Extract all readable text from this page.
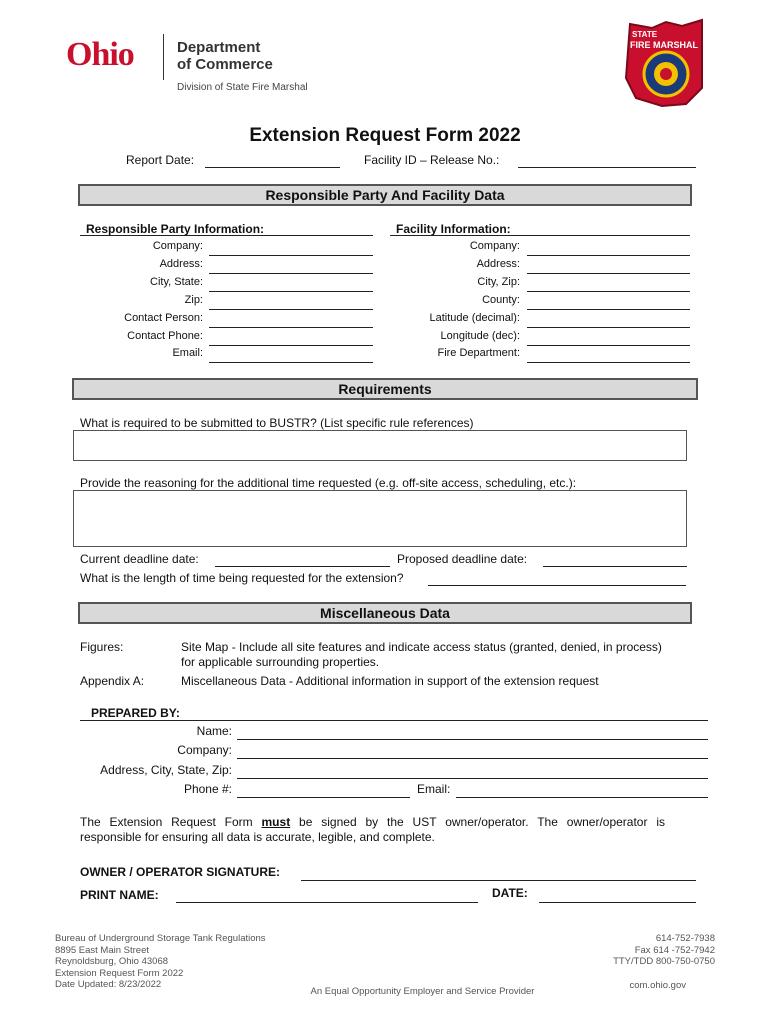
Ohio	Department
of Commerce
Division of State Fire Marshal
STATE
FIRE MARSHAL
Extension Request Form 2022
Report Date:	Facility ID – Release No.:
Responsible Party And Facility Data
Responsible Party Information:	Facility Information:
Company:
Address:
City, State:
Zip:
Contact Person:
Contact Phone:
Email:
Company:
Address:
City, Zip:
County:
Latitude (decimal):
Longitude (dec):
Fire Department:
Requirements
What is required to be submitted to BUSTR? (List specific rule references)
Provide the reasoning for the additional time requested (e.g. off-site access, scheduling, etc.):
Current deadline date:	Proposed deadline date:
What is the length of time being requested for the extension?
Miscellaneous Data
Figures:	Site Map - Include all site features and indicate access status (granted, denied, in process)
for applicable surrounding properties.
Appendix A:	Miscellaneous Data - Additional information in support of the extension request
PREPARED BY:
Name:
Company:
Address, City, State, Zip:
Phone #:	Email:
The Extension Request Form must be signed by the UST owner/operator. The owner/operator is
responsible for ensuring all data is accurate, legible, and complete.
OWNER / OPERATOR SIGNATURE:
PRINT NAME:	DATE:
Bureau of Underground Storage Tank Regulations
8895 East Main Street
Reynoldsburg, Ohio 43068
Extension Request Form 2022
Date Updated: 8/23/2022
An Equal Opportunity Employer and Service Provider
614-752-7938
Fax 614 -752-7942
TTY/TDD 800-750-0750
com.ohio.gov
